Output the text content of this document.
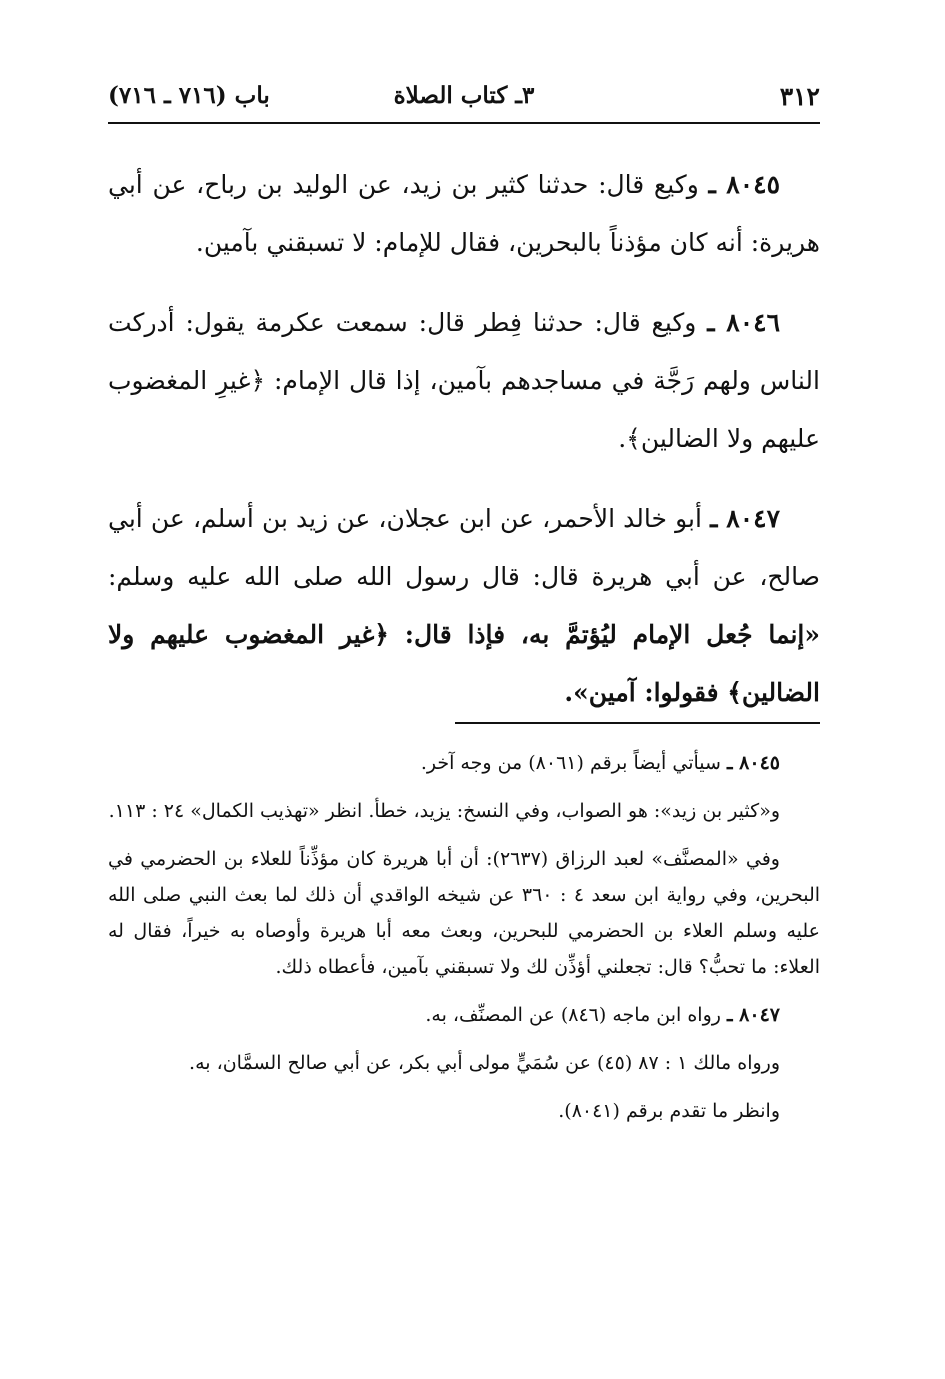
٣١٢
٣ـ كتاب الصلاة
باب (٧١٦ ـ ٧١٦)

٨٠٤٥ ـ وكيع قال: حدثنا كثير بن زيد، عن الوليد بن رباح، عن أبي هريرة: أنه كان مؤذناً بالبحرين، فقال للإمام: لا تسبقني بآمين.

٨٠٤٦ ـ وكيع قال: حدثنا فِطر قال: سمعت عكرمة يقول: أدركت الناس ولهم رَجَّة في مساجدهم بآمين، إذا قال الإمام: ﴿غيرِ المغضوب عليهم ولا الضالين﴾.

٨٠٤٧ ـ أبو خالد الأحمر، عن ابن عجلان، عن زيد بن أسلم، عن أبي صالح، عن أبي هريرة قال: قال رسول الله صلى الله عليه وسلم: «إنما جُعل الإمام ليُؤتمَّ به، فإذا قال: ﴿غير المغضوب عليهم ولا الضالين﴾ فقولوا: آمين».

٨٠٤٥ ـ سيأتي أيضاً برقم (٨٠٦١) من وجه آخر.

و«كثير بن زيد»: هو الصواب، وفي النسخ: يزيد، خطأ. انظر «تهذيب الكمال» ٢٤ : ١١٣.

وفي «المصنَّف» لعبد الرزاق (٢٦٣٧): أن أبا هريرة كان مؤذِّناً للعلاء بن الحضرمي في البحرين، وفي رواية ابن سعد ٤ : ٣٦٠ عن شيخه الواقدي أن ذلك لما بعث النبي صلى الله عليه وسلم العلاء بن الحضرمي للبحرين، وبعث معه أبا هريرة وأوصاه به خيراً، فقال له العلاء: ما تحبُّ؟ قال: تجعلني أؤذِّن لك ولا تسبقني بآمين، فأعطاه ذلك.

٨٠٤٧ ـ رواه ابن ماجه (٨٤٦) عن المصنِّف، به.

ورواه مالك ١ : ٨٧ (٤٥) عن سُمَيٍّ مولى أبي بكر، عن أبي صالح السمَّان، به.

وانظر ما تقدم برقم (٨٠٤١).
